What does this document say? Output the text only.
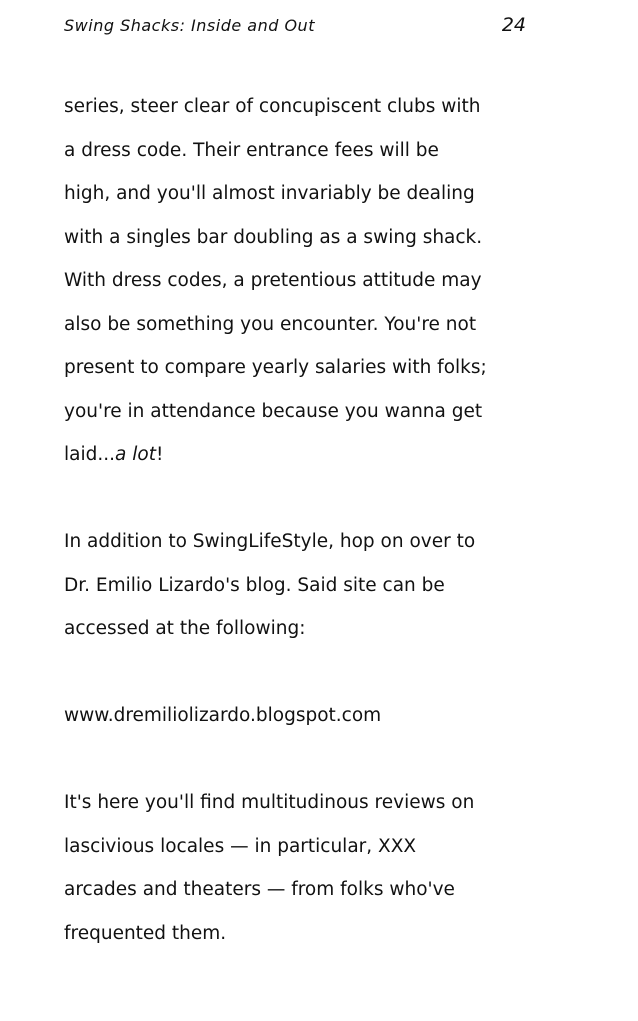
Swing Shacks: Inside and Out	24
series, steer clear of concupiscent clubs with
a dress code. Their entrance fees will be
high, and you'll almost invariably be dealing
with a singles bar doubling as a swing shack.
With dress codes, a pretentious attitude may
also be something you encounter. You're not
present to compare yearly salaries with folks;
you're in attendance because you wanna get
laid...a lot!
In addition to SwingLifeStyle, hop on over to
Dr. Emilio Lizardo's blog. Said site can be
accessed at the following:
www.dremiliolizardo.blogspot.com
It's here you'll find multitudinous reviews on
lascivious locales — in particular, XXX
arcades and theaters — from folks who've
frequented them.
